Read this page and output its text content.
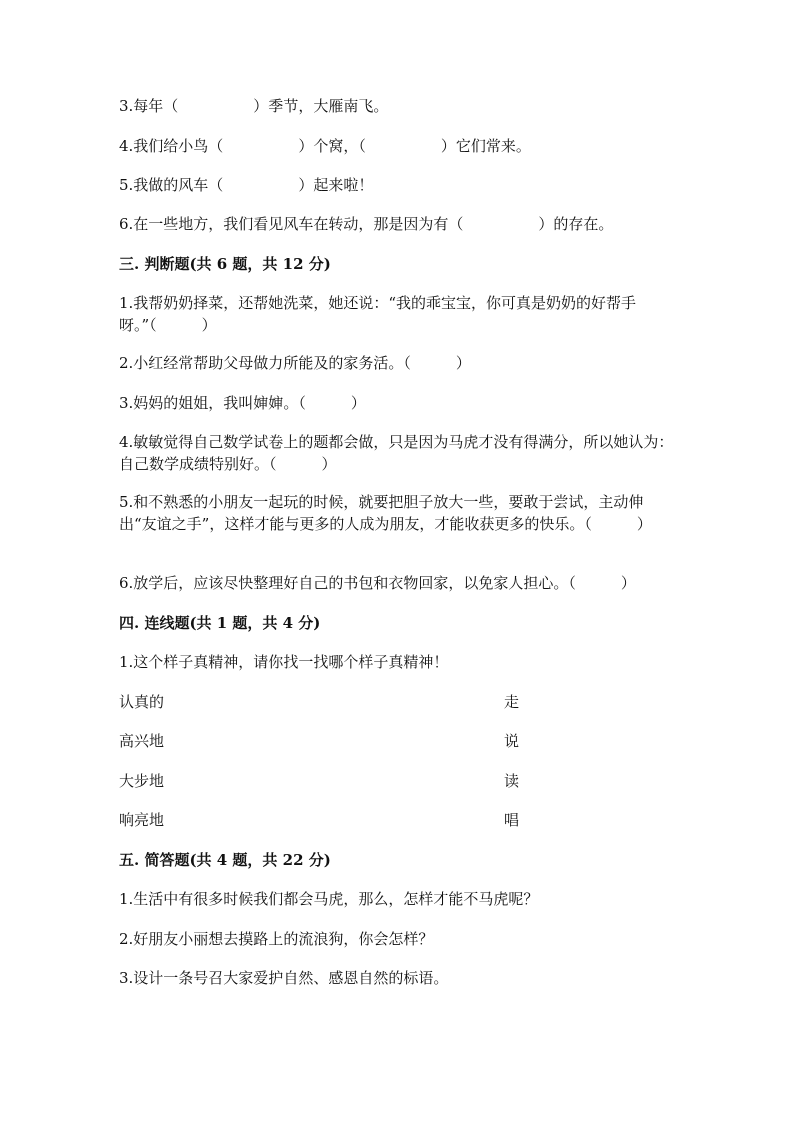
3.每年（　　　　　）季节，大雁南飞。
4.我们给小鸟（　　　　　）个窝，（　　　　　）它们常来。
5.我做的风车（　　　　　）起来啦！
6.在一些地方，我们看见风车在转动，那是因为有（　　　　　）的存在。
三. 判断题(共 6 题，共 12 分)
1.我帮奶奶择菜，还帮她洗菜，她还说：“我的乖宝宝，你可真是奶奶的好帮手呀。”（　　　）
2.小红经常帮助父母做力所能及的家务活。（　　　）
3.妈妈的姐姐，我叫婶婶。（　　　）
4.敏敏觉得自己数学试卷上的题都会做，只是因为马虎才没有得满分，所以她认为：自己数学成绩特别好。（　　　）
5.和不熟悉的小朋友一起玩的时候，就要把胆子放大一些，要敢于尝试，主动伸出“友谊之手”，这样才能与更多的人成为朋友，才能收获更多的快乐。（　　　）
6.放学后，应该尽快整理好自己的书包和衣物回家，以免家人担心。（　　　）
四. 连线题(共 1 题，共 4 分)
1.这个样子真精神，请你找一找哪个样子真精神！
认真的	走
高兴地	说
大步地	读
响亮地	唱
五. 简答题(共 4 题，共 22 分)
1.生活中有很多时候我们都会马虎，那么，怎样才能不马虎呢？
2.好朋友小丽想去摸路上的流浪狗，你会怎样？
3.设计一条号召大家爱护自然、感恩自然的标语。
